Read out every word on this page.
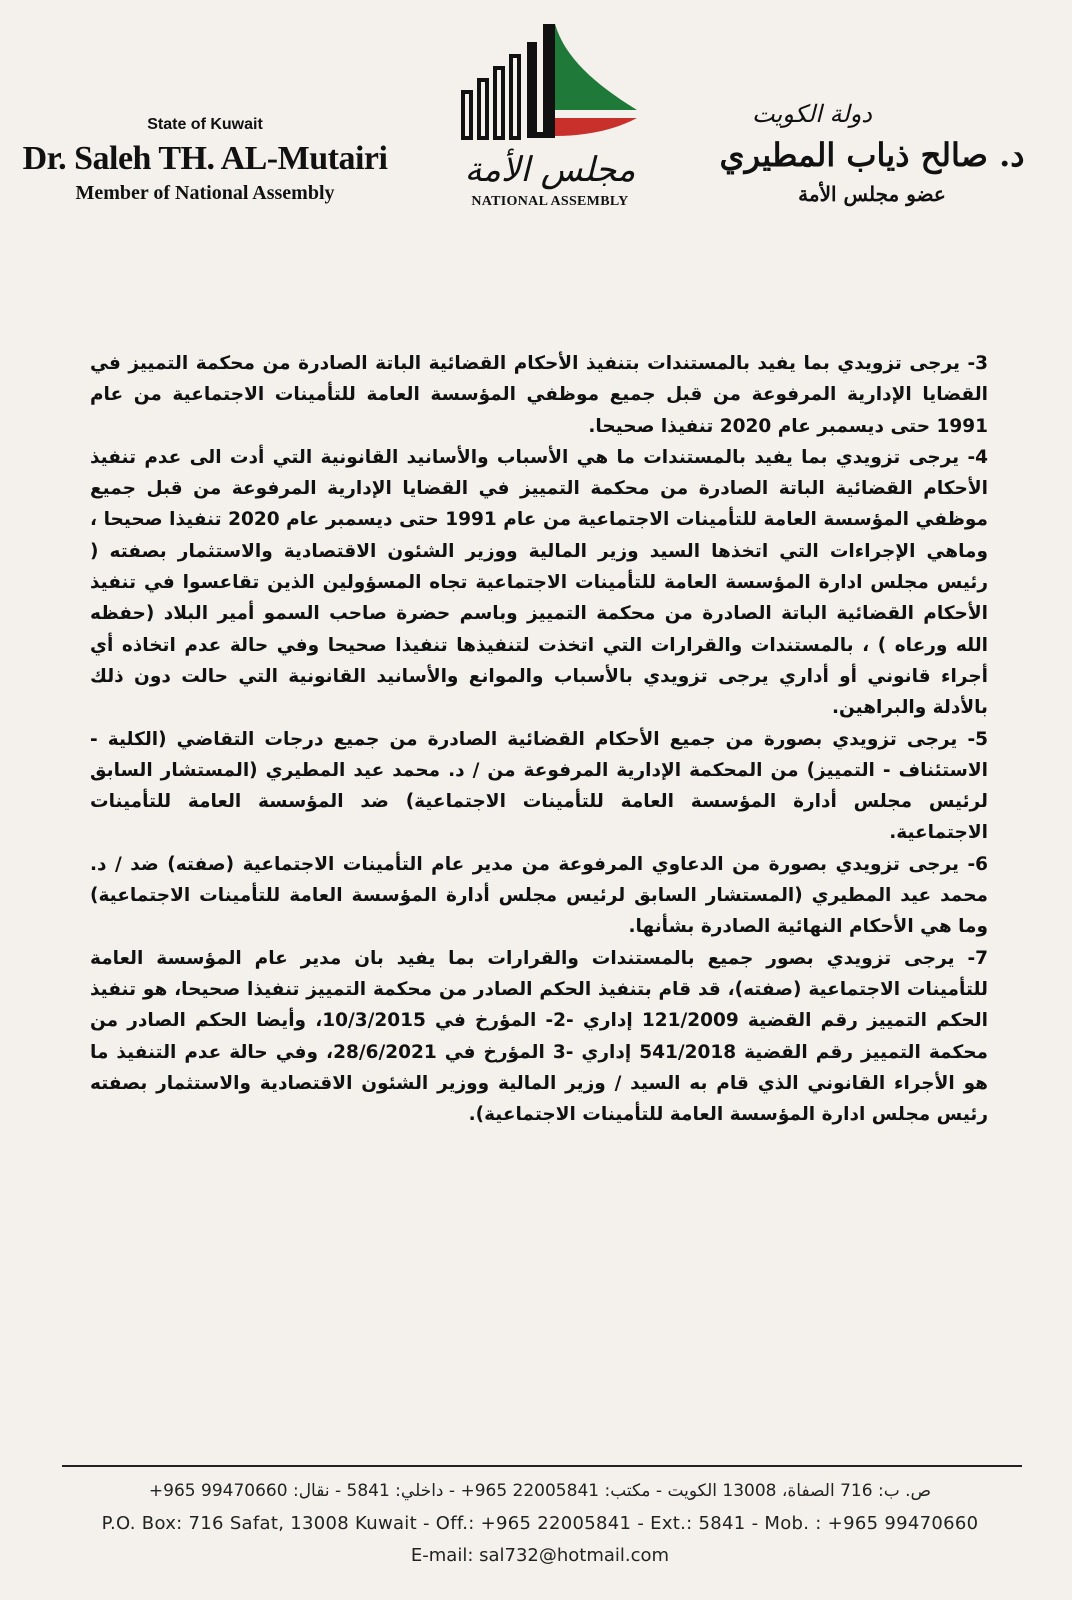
State of Kuwait
Dr. Saleh TH. AL-Mutairi
Member of National Assembly
مجلس الأمة
NATIONAL ASSEMBLY
دولة الكويت
د. صالح ذياب المطيري
عضو مجلس الأمة

3- يرجى تزويدي بما يفيد بالمستندات بتنفيذ الأحكام القضائية الباتة الصادرة من محكمة التمييز في القضايا الإدارية المرفوعة من قبل جميع موظفي المؤسسة العامة للتأمينات الاجتماعية من عام 1991 حتى ديسمبر عام 2020 تنفيذا صحيحا.

4- يرجى تزويدي بما يفيد بالمستندات ما هي الأسباب والأسانيد القانونية التي أدت الى عدم تنفيذ الأحكام القضائية الباتة الصادرة من محكمة التمييز في القضايا الإدارية المرفوعة من قبل جميع موظفي المؤسسة العامة للتأمينات الاجتماعية من عام 1991 حتى ديسمبر عام 2020 تنفيذا صحيحا ، وماهي الإجراءات التي اتخذها السيد وزير المالية ووزير الشئون الاقتصادية والاستثمار بصفته ( رئيس مجلس ادارة المؤسسة العامة للتأمينات الاجتماعية تجاه المسؤولين الذين تقاعسوا في تنفيذ الأحكام القضائية الباتة الصادرة من محكمة التمييز وباسم حضرة صاحب السمو أمير البلاد (حفظه الله ورعاه ) ، بالمستندات والقرارات التي اتخذت لتنفيذها تنفيذا صحيحا وفي حالة عدم اتخاذه أي أجراء قانوني أو أداري يرجى تزويدي بالأسباب والموانع والأسانيد القانونية التي حالت دون ذلك بالأدلة والبراهين.

5- يرجى تزويدي بصورة من جميع الأحكام القضائية الصادرة من جميع درجات التقاضي (الكلية - الاستئناف - التمييز) من المحكمة الإدارية المرفوعة من / د. محمد عيد المطيري (المستشار السابق لرئيس مجلس أدارة المؤسسة العامة للتأمينات الاجتماعية) ضد المؤسسة العامة للتأمينات الاجتماعية.

6- يرجى تزويدي بصورة من الدعاوي المرفوعة من مدير عام التأمينات الاجتماعية (صفته) ضد / د. محمد عيد المطيري (المستشار السابق لرئيس مجلس أدارة المؤسسة العامة للتأمينات الاجتماعية) وما هي الأحكام النهائية الصادرة بشأنها.

7- يرجى تزويدي بصور جميع بالمستندات والقرارات بما يفيد بان مدير عام المؤسسة العامة للتأمينات الاجتماعية (صفته)، قد قام بتنفيذ الحكم الصادر من محكمة التمييز تنفيذا صحيحا، هو تنفيذ الحكم التمييز رقم القضية 121/2009 إداري -2- المؤرخ في 10/3/2015، وأيضا الحكم الصادر من محكمة التمييز رقم القضية 541/2018 إداري -3 المؤرخ في 28/6/2021، وفي حالة عدم التنفيذ ما هو الأجراء القانوني الذي قام به السيد / وزير المالية ووزير الشئون الاقتصادية والاستثمار بصفته رئيس مجلس ادارة المؤسسة العامة للتأمينات الاجتماعية).

ص. ب: 716 الصفاة، 13008 الكويت - مكتب: 22005841 965+ - داخلي: 5841 - نقال: 99470660 965+
P.O. Box: 716 Safat, 13008 Kuwait - Off.: +965 22005841 - Ext.: 5841 - Mob. : +965 99470660
E-mail: sal732@hotmail.com
